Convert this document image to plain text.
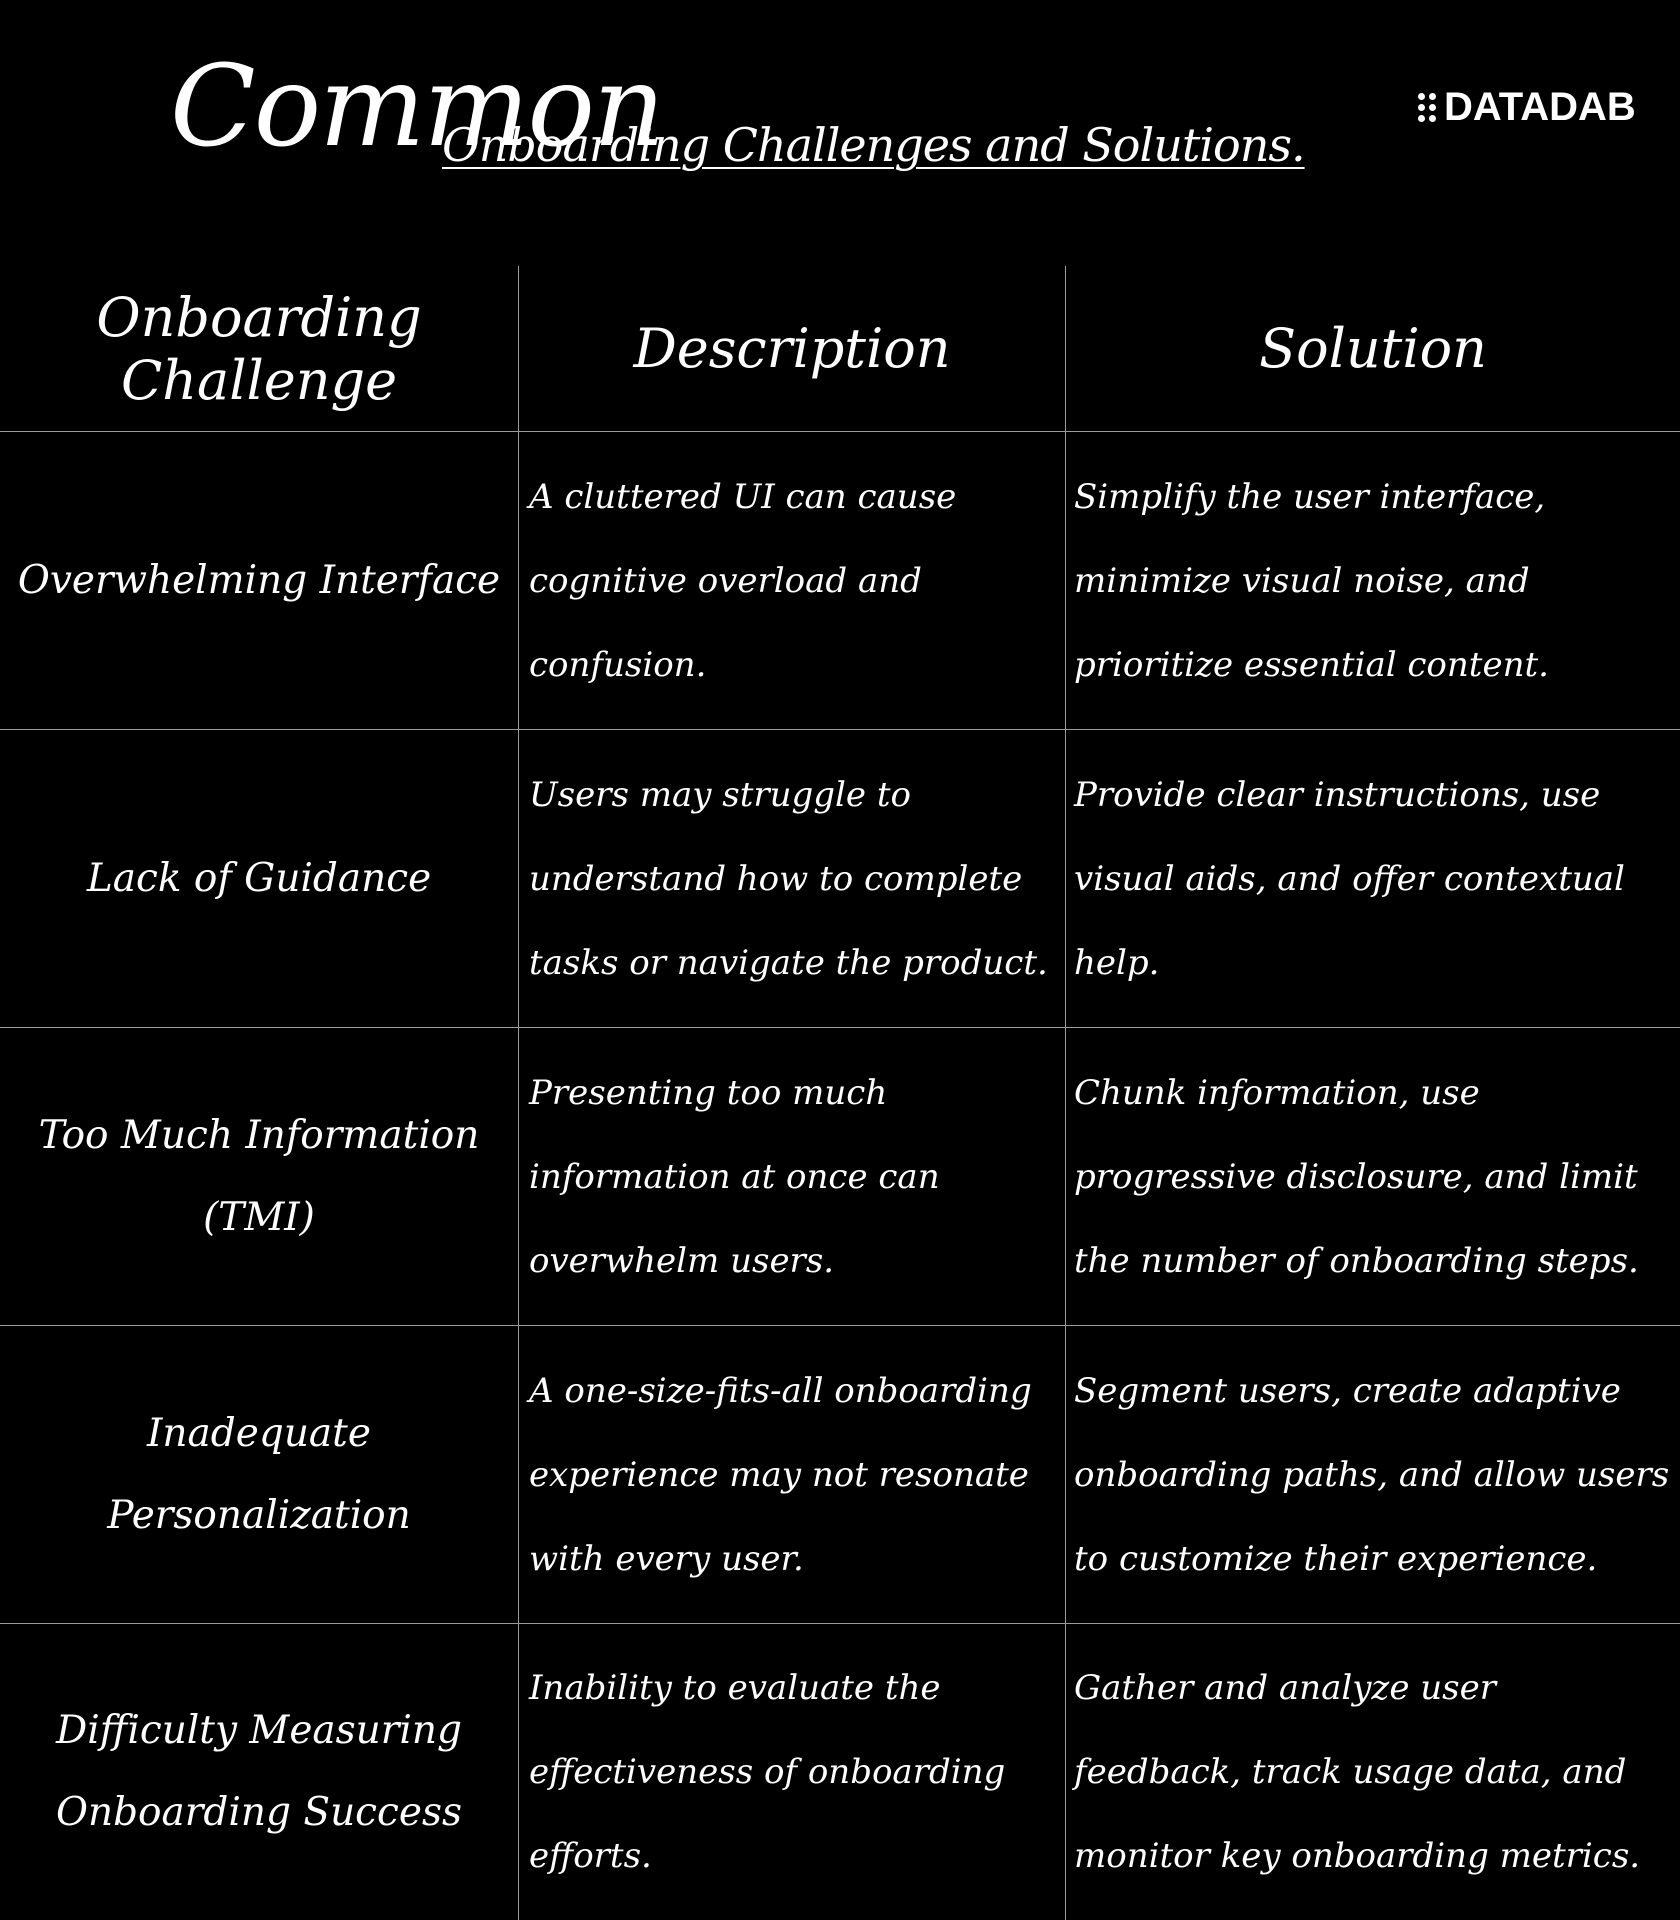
Common
Onboarding Challenges and Solutions.
DATADAB
Onboarding Challenge	Description	Solution
Overwhelming Interface
A cluttered UI can cause cognitive overload and confusion.
Simplify the user interface, minimize visual noise, and prioritize essential content.
Lack of Guidance
Users may struggle to understand how to complete tasks or navigate the product.
Provide clear instructions, use visual aids, and offer contextual help.
Too Much Information (TMI)
Presenting too much information at once can overwhelm users.
Chunk information, use progressive disclosure, and limit the number of onboarding steps.
Inadequate Personalization
A one-size-fits-all onboarding experience may not resonate with every user.
Segment users, create adaptive onboarding paths, and allow users to customize their experience.
Difficulty Measuring Onboarding Success
Inability to evaluate the effectiveness of onboarding efforts.
Gather and analyze user feedback, track usage data, and monitor key onboarding metrics.
